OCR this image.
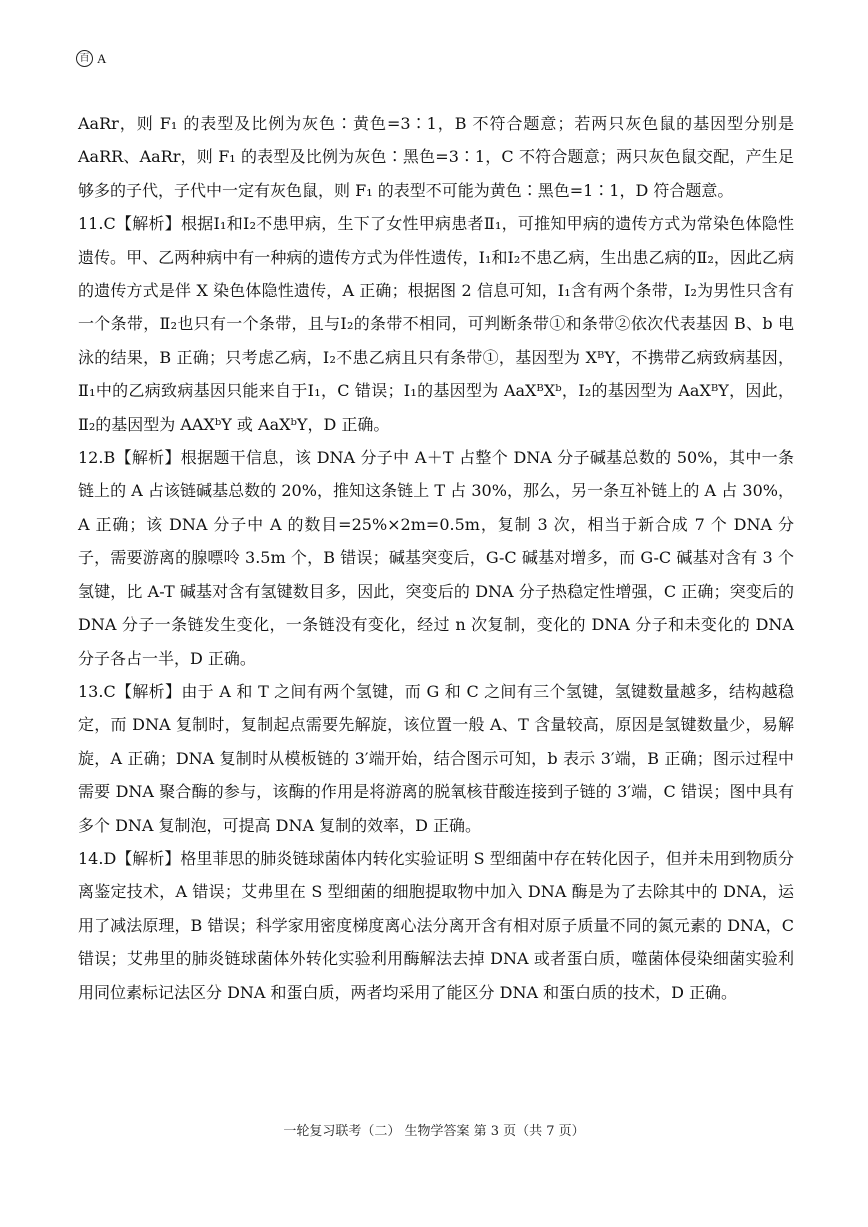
百 A

AaRr，则 F₁ 的表型及比例为灰色∶黄色=3∶1，B 不符合题意；若两只灰色鼠的基因型分别是 AaRR、AaRr，则 F₁ 的表型及比例为灰色∶黑色=3∶1，C 不符合题意；两只灰色鼠交配，产生足够多的子代，子代中一定有灰色鼠，则 F₁ 的表型不可能为黄色∶黑色=1∶1，D 符合题意。

11.C【解析】根据Ⅰ₁和Ⅰ₂不患甲病，生下了女性甲病患者Ⅱ₁，可推知甲病的遗传方式为常染色体隐性遗传。甲、乙两种病中有一种病的遗传方式为伴性遗传，Ⅰ₁和Ⅰ₂不患乙病，生出患乙病的Ⅱ₂，因此乙病的遗传方式是伴 X 染色体隐性遗传，A 正确；根据图 2 信息可知，Ⅰ₁含有两个条带，Ⅰ₂为男性只含有一个条带，Ⅱ₂也只有一个条带，且与Ⅰ₂的条带不相同，可判断条带①和条带②依次代表基因 B、b 电泳的结果，B 正确；只考虑乙病，Ⅰ₂不患乙病且只有条带①，基因型为 XᴮY，不携带乙病致病基因，Ⅱ₁中的乙病致病基因只能来自于Ⅰ₁，C 错误；Ⅰ₁的基因型为 AaXᴮXᵇ，Ⅰ₂的基因型为 AaXᴮY，因此，Ⅱ₂的基因型为 AAXᵇY 或 AaXᵇY，D 正确。

12.B【解析】根据题干信息，该 DNA 分子中 A＋T 占整个 DNA 分子碱基总数的 50%，其中一条链上的 A 占该链碱基总数的 20%，推知这条链上 T 占 30%，那么，另一条互补链上的 A 占 30%，A 正确；该 DNA 分子中 A 的数目=25%×2m=0.5m，复制 3 次，相当于新合成 7 个 DNA 分子，需要游离的腺嘌呤 3.5m 个，B 错误；碱基突变后，G-C 碱基对增多，而 G-C 碱基对含有 3 个氢键，比 A-T 碱基对含有氢键数目多，因此，突变后的 DNA 分子热稳定性增强，C 正确；突变后的 DNA 分子一条链发生变化，一条链没有变化，经过 n 次复制，变化的 DNA 分子和未变化的 DNA 分子各占一半，D 正确。

13.C【解析】由于 A 和 T 之间有两个氢键，而 G 和 C 之间有三个氢键，氢键数量越多，结构越稳定，而 DNA 复制时，复制起点需要先解旋，该位置一般 A、T 含量较高，原因是氢键数量少，易解旋，A 正确；DNA 复制时从模板链的 3′端开始，结合图示可知，b 表示 3′端，B 正确；图示过程中需要 DNA 聚合酶的参与，该酶的作用是将游离的脱氧核苷酸连接到子链的 3′端，C 错误；图中具有多个 DNA 复制泡，可提高 DNA 复制的效率，D 正确。

14.D【解析】格里菲思的肺炎链球菌体内转化实验证明 S 型细菌中存在转化因子，但并未用到物质分离鉴定技术，A 错误；艾弗里在 S 型细菌的细胞提取物中加入 DNA 酶是为了去除其中的 DNA，运用了减法原理，B 错误；科学家用密度梯度离心法分离开含有相对原子质量不同的氮元素的 DNA，C 错误；艾弗里的肺炎链球菌体外转化实验利用酶解法去掉 DNA 或者蛋白质，噬菌体侵染细菌实验利用同位素标记法区分 DNA 和蛋白质，两者均采用了能区分 DNA 和蛋白质的技术，D 正确。

一轮复习联考（二） 生物学答案 第 3 页（共 7 页）
